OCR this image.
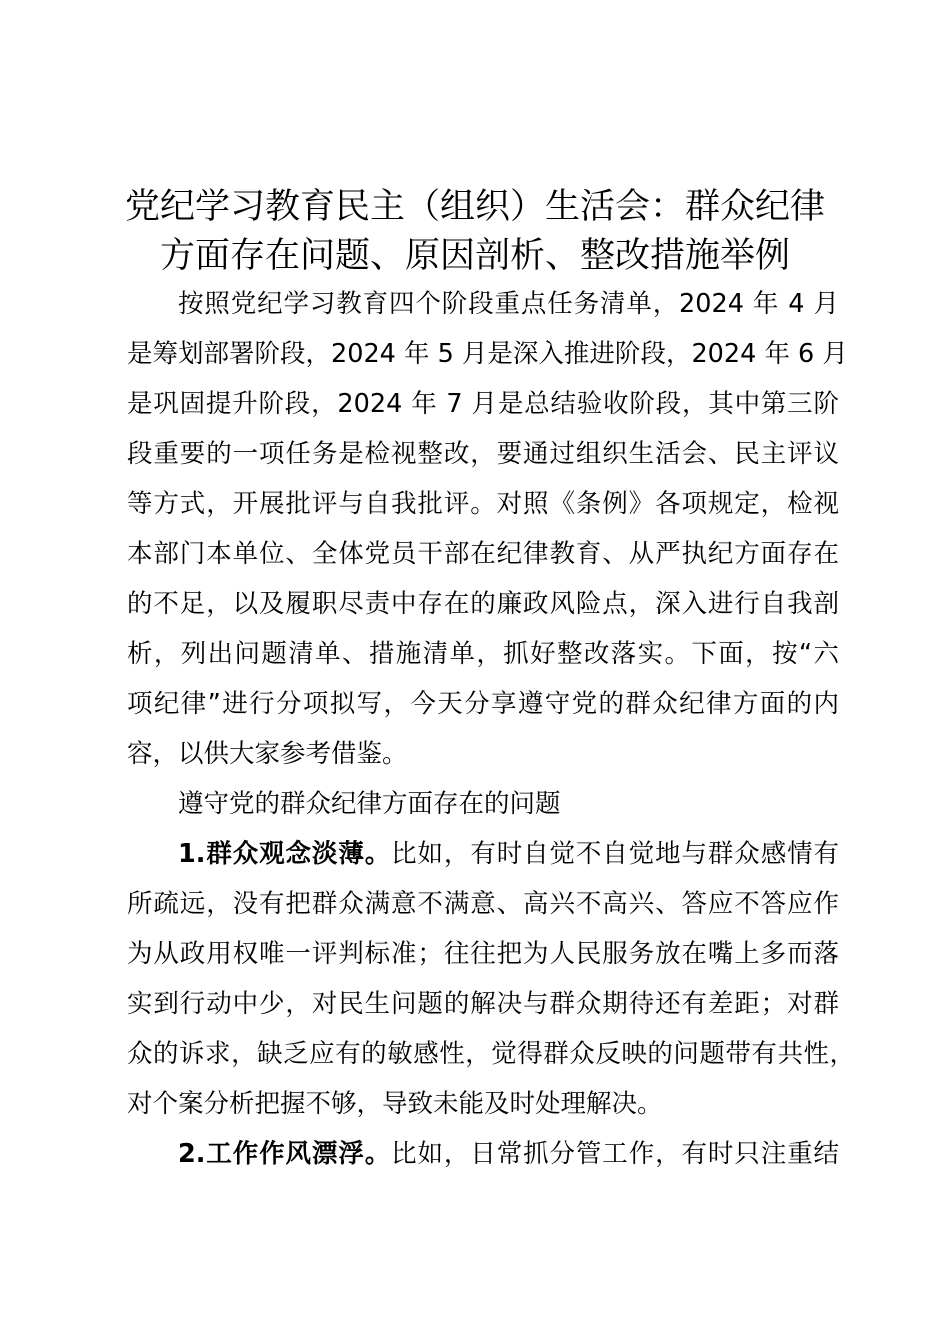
党纪学习教育民主（组织）生活会：群众纪律
方面存在问题、原因剖析、整改措施举例
按照党纪学习教育四个阶段重点任务清单，2024 年 4 月
是筹划部署阶段，2024 年 5 月是深入推进阶段，2024 年 6 月
是巩固提升阶段，2024 年 7 月是总结验收阶段，其中第三阶
段重要的一项任务是检视整改，要通过组织生活会、民主评议
等方式，开展批评与自我批评。对照《条例》各项规定，检视
本部门本单位、全体党员干部在纪律教育、从严执纪方面存在
的不足，以及履职尽责中存在的廉政风险点，深入进行自我剖
析，列出问题清单、措施清单，抓好整改落实。下面，按“六
项纪律”进行分项拟写，今天分享遵守党的群众纪律方面的内
容，以供大家参考借鉴。
遵守党的群众纪律方面存在的问题
1.群众观念淡薄。比如，有时自觉不自觉地与群众感情有
所疏远，没有把群众满意不满意、高兴不高兴、答应不答应作
为从政用权唯一评判标准；往往把为人民服务放在嘴上多而落
实到行动中少，对民生问题的解决与群众期待还有差距；对群
众的诉求，缺乏应有的敏感性，觉得群众反映的问题带有共性，
对个案分析把握不够，导致未能及时处理解决。
2.工作作风漂浮。比如，日常抓分管工作，有时只注重结
